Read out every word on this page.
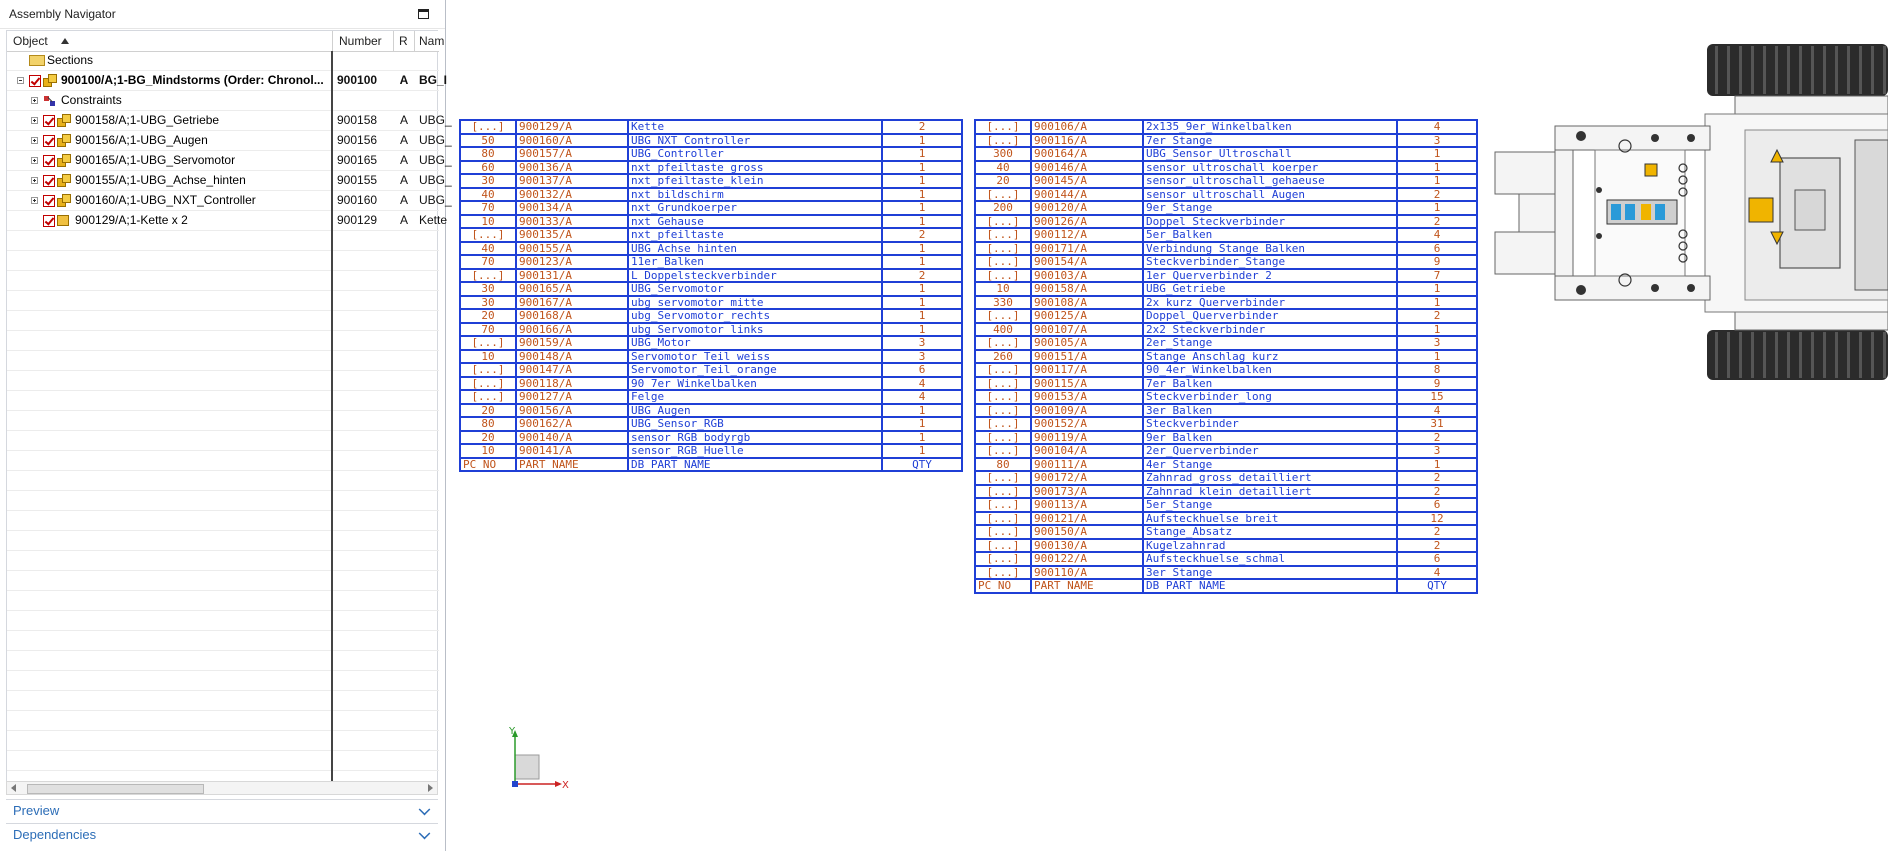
Assembly Navigator
Object	Number	R Nam
Sections
900100/A;1-BG_Mindstorms (Order: Chronol...	900100	A BG_I
Constraints
900158/A;1-UBG_Getriebe	900158	A UBG_
900156/A;1-UBG_Augen	900156	A UBG_
900165/A;1-UBG_Servomotor	900165	A UBG_
900155/A;1-UBG_Achse_hinten	900155	A UBG_
900160/A;1-UBG_NXT_Controller	900160	A UBG_
900129/A;1-Kette x 2	900129	A Kette
Preview
Dependencies
[...]	900129/A	Kette	2
50	900160/A	UBG_NXT_Controller	1
80	900157/A	UBG_Controller	1
60	900136/A	nxt_pfeiltaste_gross	1
30	900137/A	nxt_pfeiltaste_klein	1
40	900132/A	nxt_bildschirm	1
70	900134/A	nxt_Grundkoerper	1
10	900133/A	nxt_Gehause	1
[...]	900135/A	nxt_pfeiltaste	2
40	900155/A	UBG_Achse_hinten	1
70	900123/A	11er_Balken	1
[...]	900131/A	L_Doppelsteckverbinder	2
30	900165/A	UBG_Servomotor	1
30	900167/A	ubg_servomotor_mitte	1
20	900168/A	ubg_Servomotor_rechts	1
70	900166/A	ubg_Servomotor_links	1
[...]	900159/A	UBG_Motor	3
10	900148/A	Servomotor_Teil_weiss	3
[...]	900147/A	Servomotor_Teil_orange	6
[...]	900118/A	90_7er_Winkelbalken	4
[...]	900127/A	Felge	4
20	900156/A	UBG_Augen	1
80	900162/A	UBG_Sensor_RGB	1
20	900140/A	sensor_RGB_bodyrgb	1
10	900141/A	sensor_RGB_Huelle	1
PC NO	PART NAME	DB PART NAME	QTY
[...]	900106/A	2x135_9er_Winkelbalken	4
[...]	900116/A	7er_Stange	3
300	900164/A	UBG_Sensor_Ultroschall	1
40	900146/A	sensor_ultroschall_koerper	1
20	900145/A	sensor_ultroschall_gehaeuse	1
[...]	900144/A	sensor_ultroschall_Augen	2
200	900120/A	9er_Stange	1
[...]	900126/A	Doppel_Steckverbinder	2
[...]	900112/A	5er_Balken	4
[...]	900171/A	Verbindung_Stange_Balken	6
[...]	900154/A	Steckverbinder_Stange	9
[...]	900103/A	1er_Querverbinder_2	7
10	900158/A	UBG_Getriebe	1
330	900108/A	2x_kurz_Querverbinder	1
[...]	900125/A	Doppel_Querverbinder	2
400	900107/A	2x2_Steckverbinder	1
[...]	900105/A	2er_Stange	3
260	900151/A	Stange_Anschlag_kurz	1
[...]	900117/A	90_4er_Winkelbalken	8
[...]	900115/A	7er_Balken	9
[...]	900153/A	Steckverbinder_long	15
[...]	900109/A	3er_Balken	4
[...]	900152/A	Steckverbinder	31
[...]	900119/A	9er_Balken	2
[...]	900104/A	2er_Querverbinder	3
80	900111/A	4er_Stange	1
[...]	900172/A	Zahnrad_gross_detailliert	2
[...]	900173/A	Zahnrad_klein_detailliert	2
[...]	900113/A	5er_Stange	6
[...]	900121/A	Aufsteckhuelse_breit	12
[...]	900150/A	Stange_Absatz	2
[...]	900130/A	Kugelzahnrad	2
[...]	900122/A	Aufsteckhuelse_schmal	6
[...]	900110/A	3er_Stange	4
PC NO	PART NAME	DB PART NAME	QTY
Y
X
